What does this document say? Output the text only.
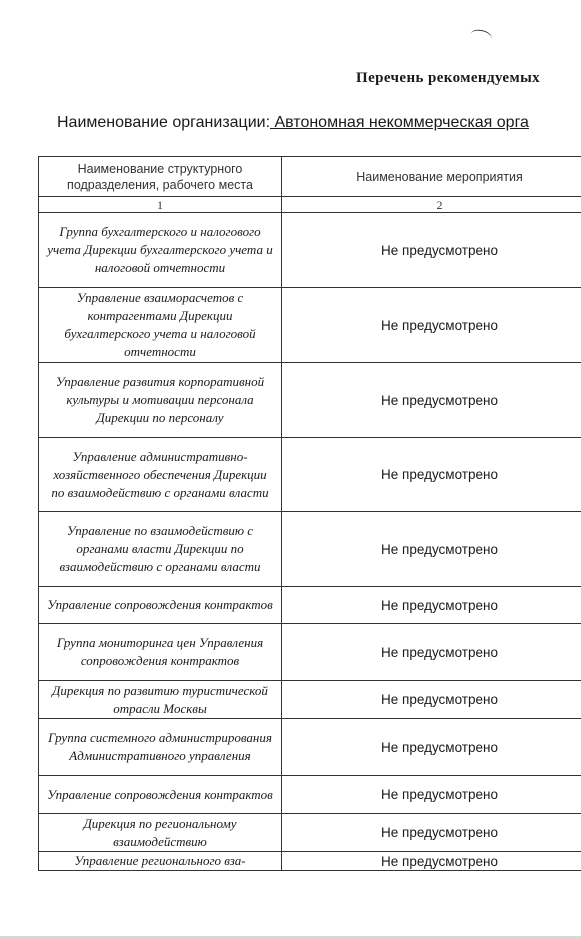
Перечень рекомендуемых
Наименование организации: Автономная некоммерческая орга
Наименование структурного подразделения, рабочего места	Наименование мероприятия
1	2
Группа бухгалтерского и налогового учета Дирекции бухгалтерского учета и налоговой отчетности	Не предусмотрено
Управление взаиморасчетов с контрагентами Дирекции бухгалтерского учета и налоговой отчетности	Не предусмотрено
Управление развития корпоративной культуры и мотивации персонала Дирекции по персоналу	Не предусмотрено
Управление административно-хозяйственного обеспечения Дирекции по взаимодействию с органами власти	Не предусмотрено
Управление по взаимодействию с органами власти Дирекции по взаимодействию с органами власти	Не предусмотрено
Управление сопровождения контрактов	Не предусмотрено
Группа мониторинга цен Управления сопровождения контрактов	Не предусмотрено
Дирекция по развитию туристической отрасли Москвы	Не предусмотрено
Группа системного администрирования Административного управления	Не предусмотрено
Управление сопровождения контрактов	Не предусмотрено
Дирекция по региональному взаимодействию	Не предусмотрено
Управление регионального вза-	Не предусмотрено
